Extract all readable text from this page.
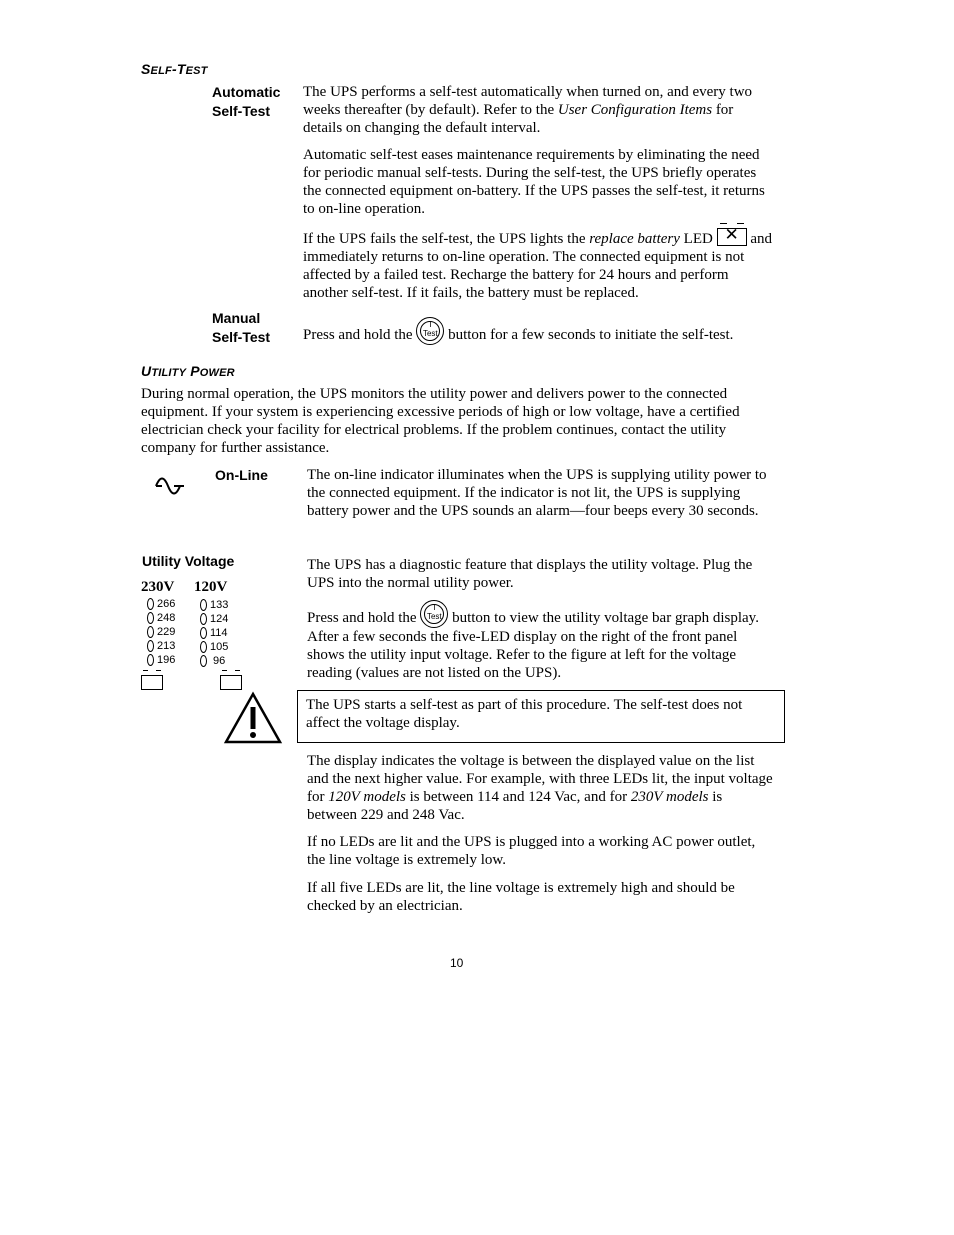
SELF-TEST
Automatic
Self-Test

The UPS performs a self-test automatically when turned on, and every two weeks thereafter (by default). Refer to the User Configuration Items for details on changing the default interval.

Automatic self-test eases maintenance requirements by eliminating the need for periodic manual self-tests. During the self-test, the UPS briefly operates the connected equipment on-battery. If the UPS passes the self-test, it returns to on-line operation.

If the UPS fails the self-test, the UPS lights the replace battery LED ✕ and immediately returns to on-line operation. The connected equipment is not affected by a failed test. Recharge the battery for 24 hours and perform another self-test. If it fails, the battery must be replaced.

Manual
Self-Test Press and hold the
I
Test button for a few seconds to initiate the self-test.
UTILITY POWER
During normal operation, the UPS monitors the utility power and delivers power to the connected equipment. If your system is experiencing excessive periods of high or low voltage, have a certified electrician check your facility for electrical problems. If the problem continues, contact the utility company for further assistance.
On-Line	The on-line indicator illuminates when the UPS is supplying utility power to the connected equipment. If the indicator is not lit, the UPS is supplying battery power and the UPS sounds an alarm—four beeps every 30 seconds.
Utility Voltage
230V 120V
266
248
229
213
196
133
124
114
105
96

The UPS has a diagnostic feature that displays the utility voltage. Plug the UPS into the normal utility power.

Press and hold the
I
Test button to view the utility voltage bar graph display. After a few seconds the five-LED display on the right of the front panel shows the utility input voltage. Refer to the figure at left for the voltage reading (values are not listed on the UPS).

The UPS starts a self-test as part of this procedure. The self-test does not affect the voltage display.

The display indicates the voltage is between the displayed value on the list and the next higher value. For example, with three LEDs lit, the input voltage for 120V models is between 114 and 124 Vac, and for 230V models is between 229 and 248 Vac.

If no LEDs are lit and the UPS is plugged into a working AC power outlet, the line voltage is extremely low.

If all five LEDs are lit, the line voltage is extremely high and should be checked by an electrician.

10
